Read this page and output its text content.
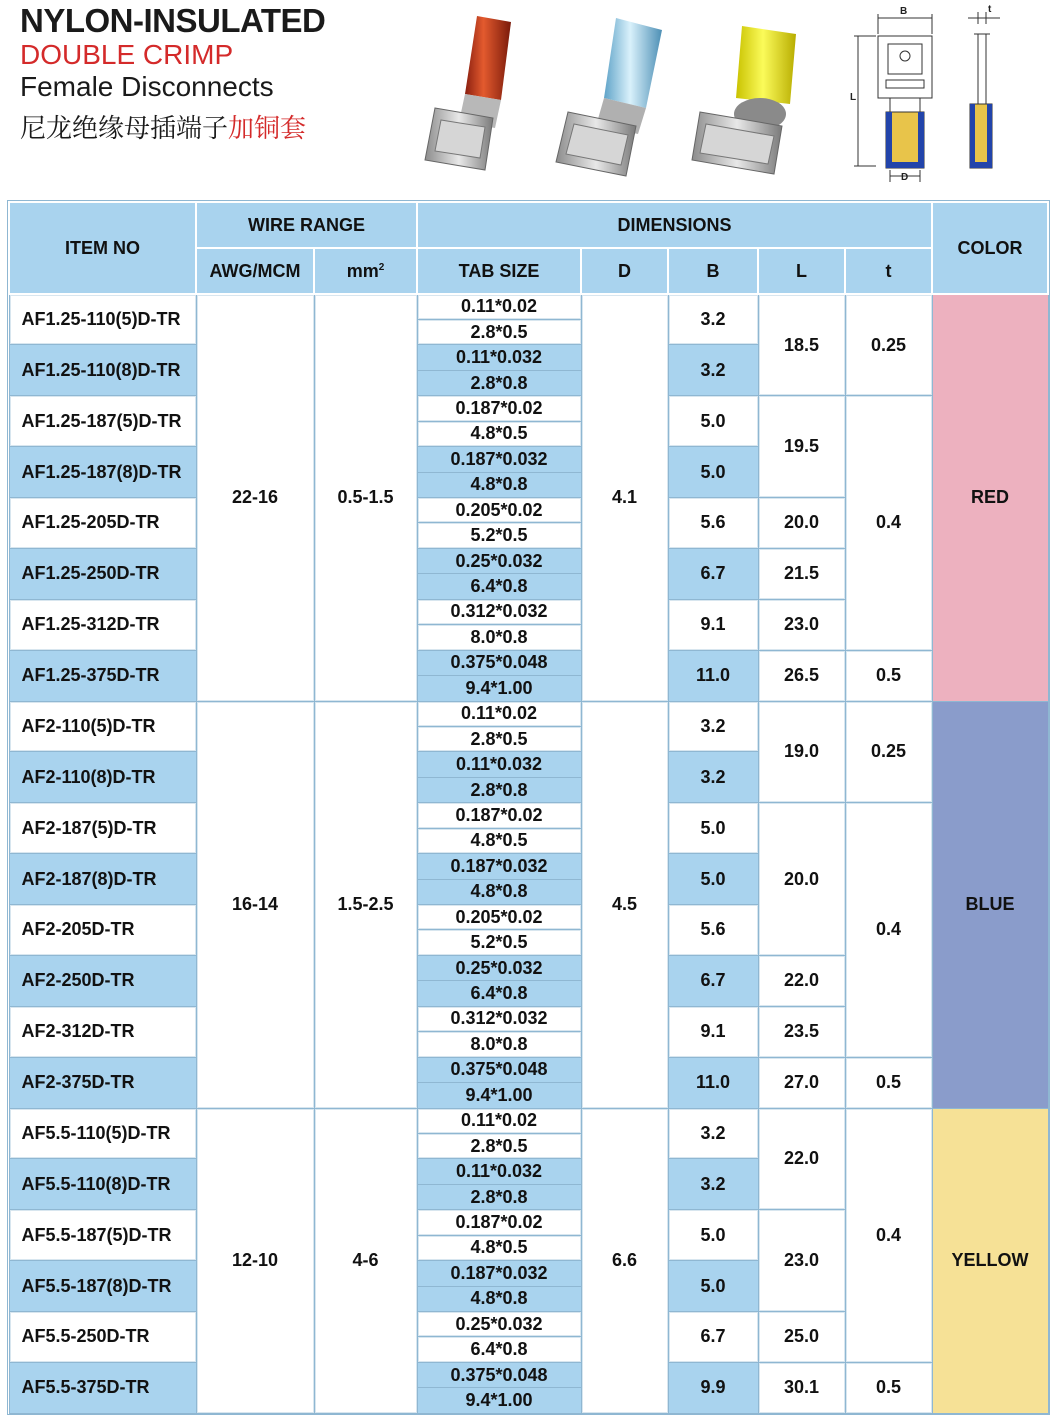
NYLON-INSULATED
DOUBLE CRIMP
Female Disconnects
尼龙绝缘母插端子加铜套
B	t
L
D
ITEM NO	WIRE RANGE		DIMENSIONS					COLOR
	AWG/MCM	$mm^2$	TAB SIZE	D	B	L	t	
AF1.25-110(5)D-TR	22-16	0.5-1.5	0.11*0.02	4.1	3.2	18.5	0.25	RED
			2.8*0.5					
AF1.25-110(8)D-TR			0.11*0.032		3.2			
			2.8*0.8					
AF1.25-187(5)D-TR			0.187*0.02		5.0	19.5	0.4	
			4.8*0.5					
AF1.25-187(8)D-TR			0.187*0.032		5.0			
			4.8*0.8					
AF1.25-205D-TR			0.205*0.02		5.6	20.0		
			5.2*0.5					
AF1.25-250D-TR			0.25*0.032		6.7	21.5		
			6.4*0.8					
AF1.25-312D-TR			0.312*0.032		9.1	23.0		
			8.0*0.8					
AF1.25-375D-TR			0.375*0.048		11.0	26.5	0.5	
			9.4*1.00					
AF2-110(5)D-TR	16-14	1.5-2.5	0.11*0.02	4.5	3.2	19.0	0.25	BLUE
			2.8*0.5					
AF2-110(8)D-TR			0.11*0.032		3.2			
			2.8*0.8					
AF2-187(5)D-TR			0.187*0.02		5.0	20.0	0.4	
			4.8*0.5					
AF2-187(8)D-TR			0.187*0.032		5.0			
			4.8*0.8					
AF2-205D-TR			0.205*0.02		5.6			
			5.2*0.5					
AF2-250D-TR			0.25*0.032		6.7	22.0		
			6.4*0.8					
AF2-312D-TR			0.312*0.032		9.1	23.5		
			8.0*0.8					
AF2-375D-TR			0.375*0.048		11.0	27.0	0.5	
			9.4*1.00					
AF5.5-110(5)D-TR	12-10	4-6	0.11*0.02	6.6	3.2	22.0	0.4	YELLOW
			2.8*0.5					
AF5.5-110(8)D-TR			0.11*0.032		3.2			
			2.8*0.8					
AF5.5-187(5)D-TR			0.187*0.02		5.0	23.0		
			4.8*0.5					
AF5.5-187(8)D-TR			0.187*0.032		5.0			
			4.8*0.8					
AF5.5-250D-TR			0.25*0.032		6.7	25.0		
			6.4*0.8					
AF5.5-375D-TR			0.375*0.048		9.9	30.1	0.5	
			9.4*1.00					
